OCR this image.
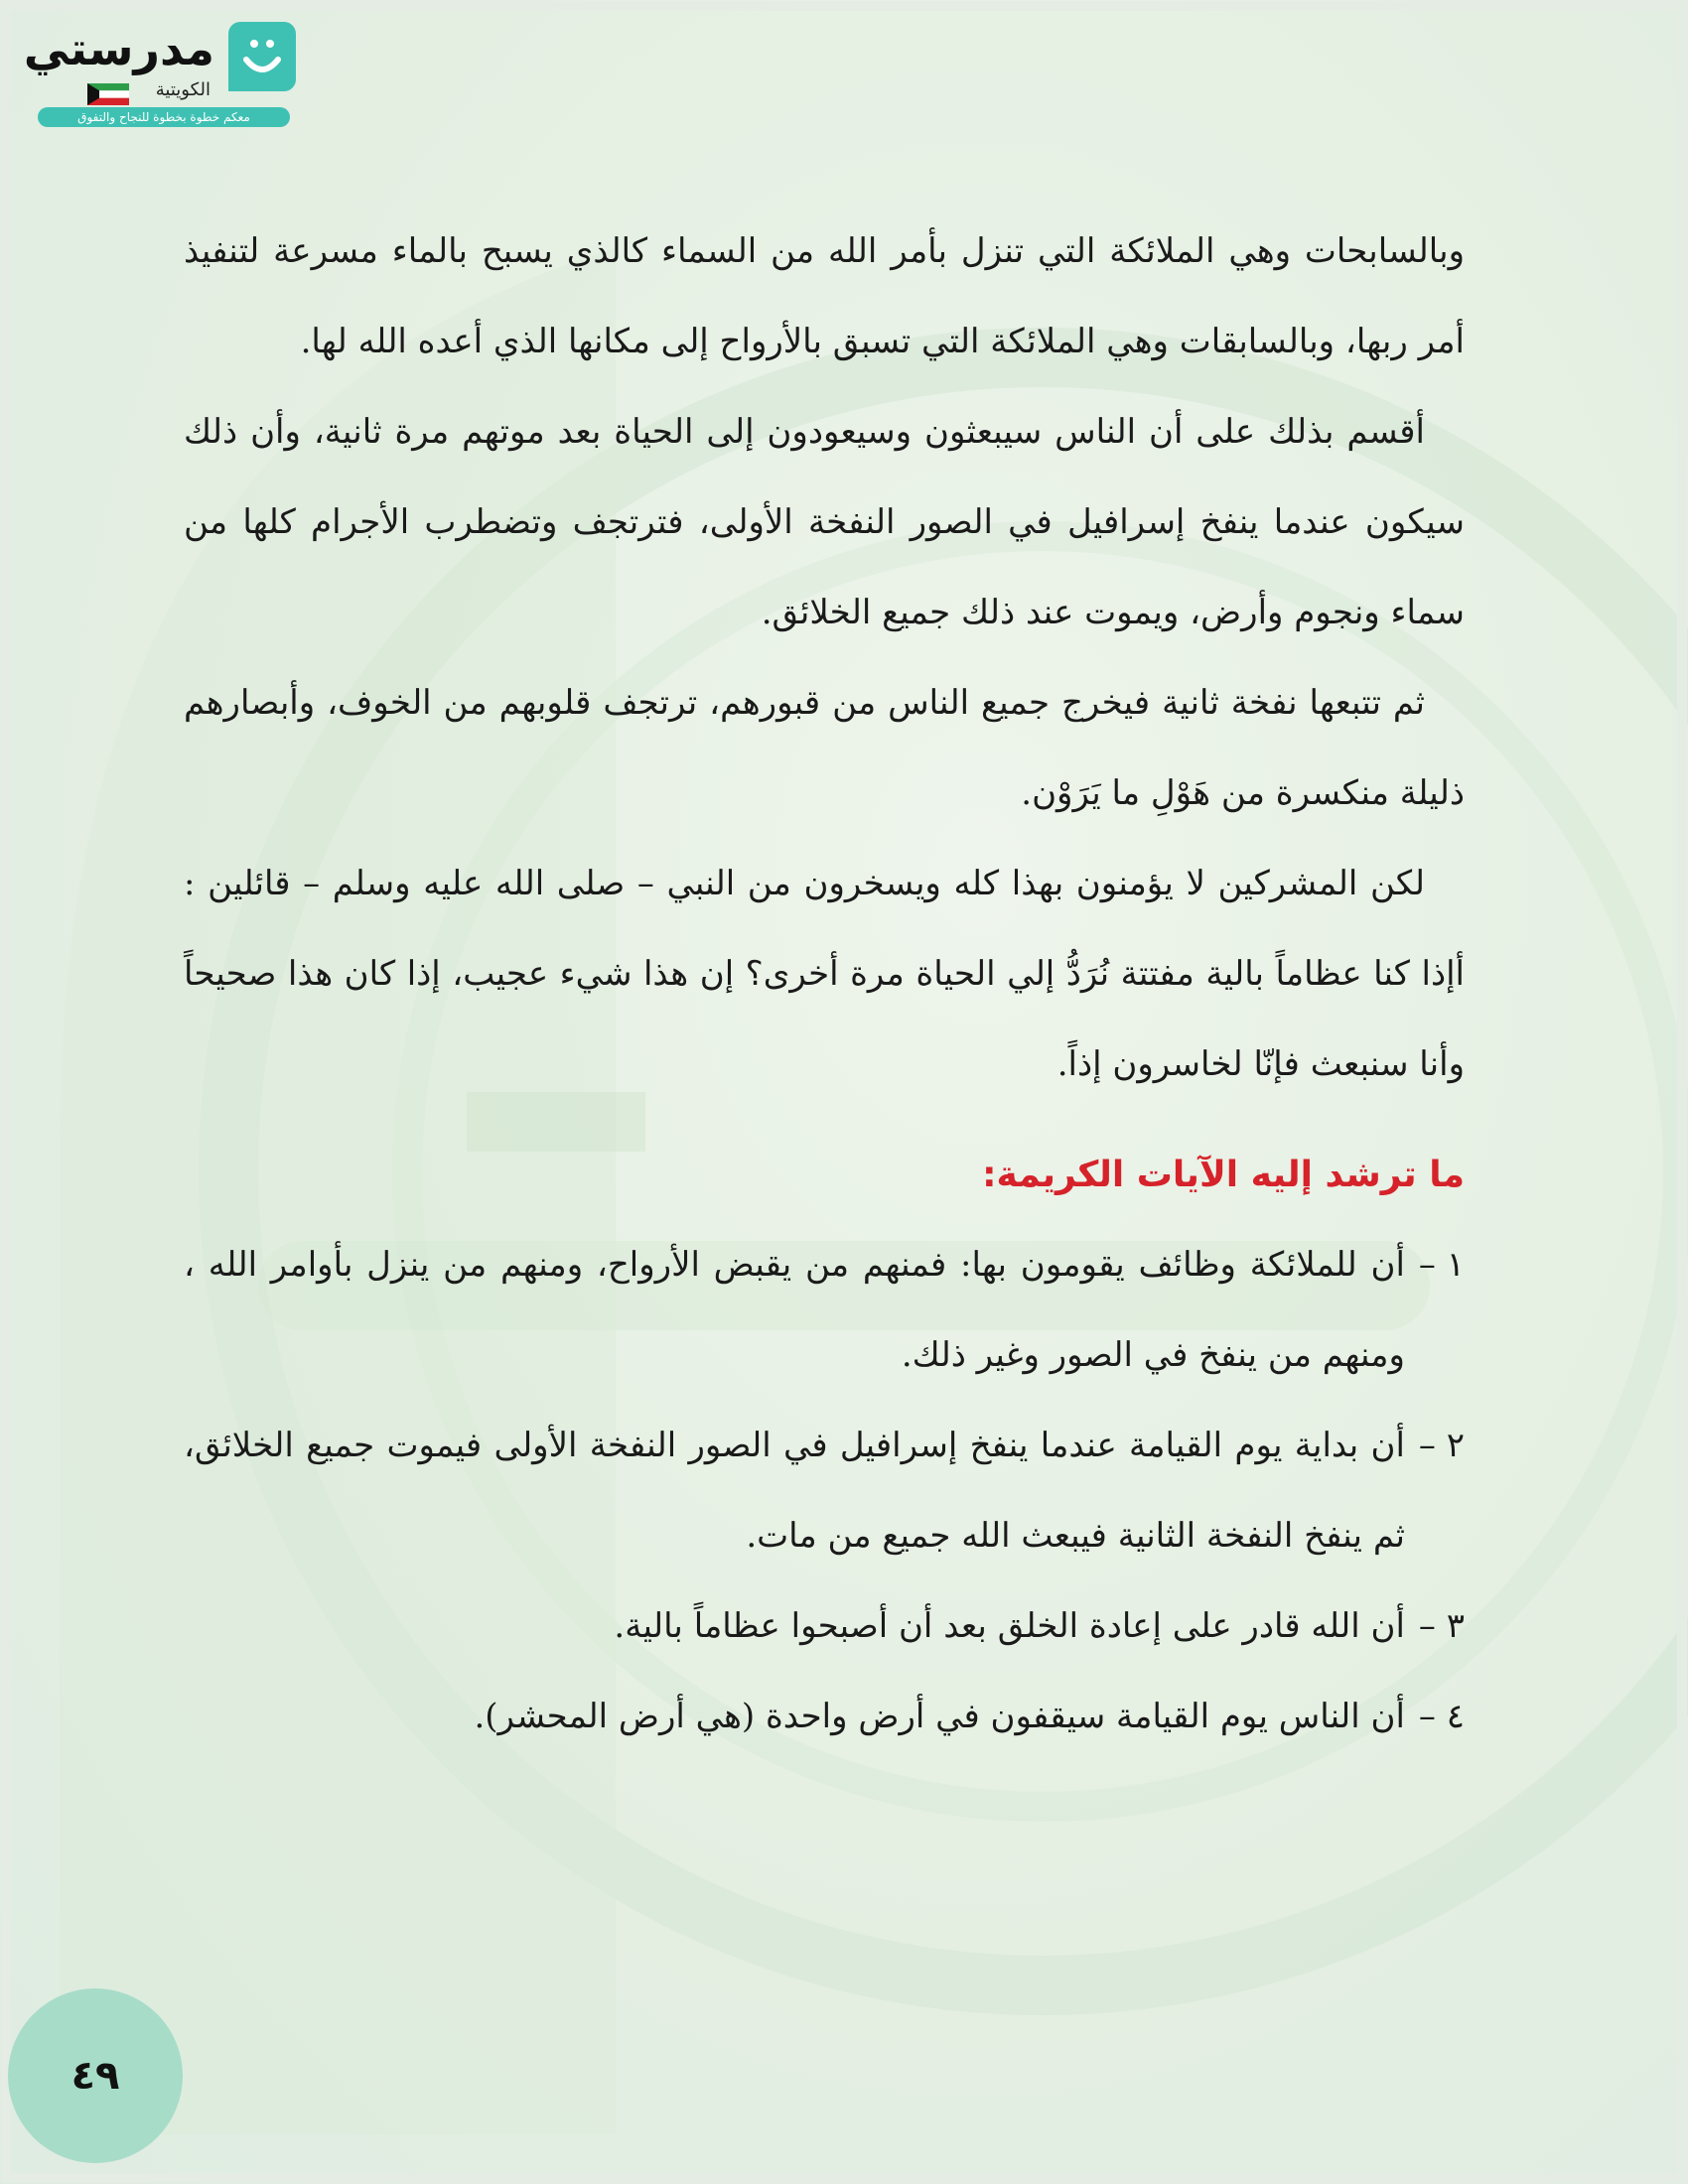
مدرستي
الكويتية
معكم خطوة بخطوة للنجاح والتفوق

وبالسابحات وهي الملائكة التي تنزل بأمر الله من السماء كالذي يسبح بالماء مسرعة لتنفيذ أمر ربها، وبالسابقات وهي الملائكة التي تسبق بالأرواح إلى مكانها الذي أعده الله لها.

أقسم بذلك على أن الناس سيبعثون وسيعودون إلى الحياة بعد موتهم مرة ثانية، وأن ذلك سيكون عندما ينفخ إسرافيل في الصور النفخة الأولى، فترتجف وتضطرب الأجرام كلها من سماء ونجوم وأرض، ويموت عند ذلك جميع الخلائق.

ثم تتبعها نفخة ثانية فيخرج جميع الناس من قبورهم، ترتجف قلوبهم من الخوف، وأبصارهم ذليلة منكسرة من هَوْلِ ما يَرَوْن.

لكن المشركين لا يؤمنون بهذا كله ويسخرون من النبي – صلى الله عليه وسلم – قائلين : أإذا كنا عظاماً بالية مفتتة نُرَدُّ إلي الحياة مرة أخرى؟ إن هذا شيء عجيب، إذا كان هذا صحيحاً وأنا سنبعث فإنّا لخاسرون إذاً.

ما ترشد إليه الآيات الكريمة:
١ –
أن للملائكة وظائف يقومون بها: فمنهم من يقبض الأرواح، ومنهم من ينزل بأوامر الله ، ومنهم من ينفخ في الصور وغير ذلك.
٢ –
أن بداية يوم القيامة عندما ينفخ إسرافيل في الصور النفخة الأولى فيموت جميع الخلائق، ثم ينفخ النفخة الثانية فيبعث الله جميع من مات.
٣ –
أن الله قادر على إعادة الخلق بعد أن أصبحوا عظاماً بالية.
٤ –
أن الناس يوم القيامة سيقفون في أرض واحدة (هي أرض المحشر).
٤٩
